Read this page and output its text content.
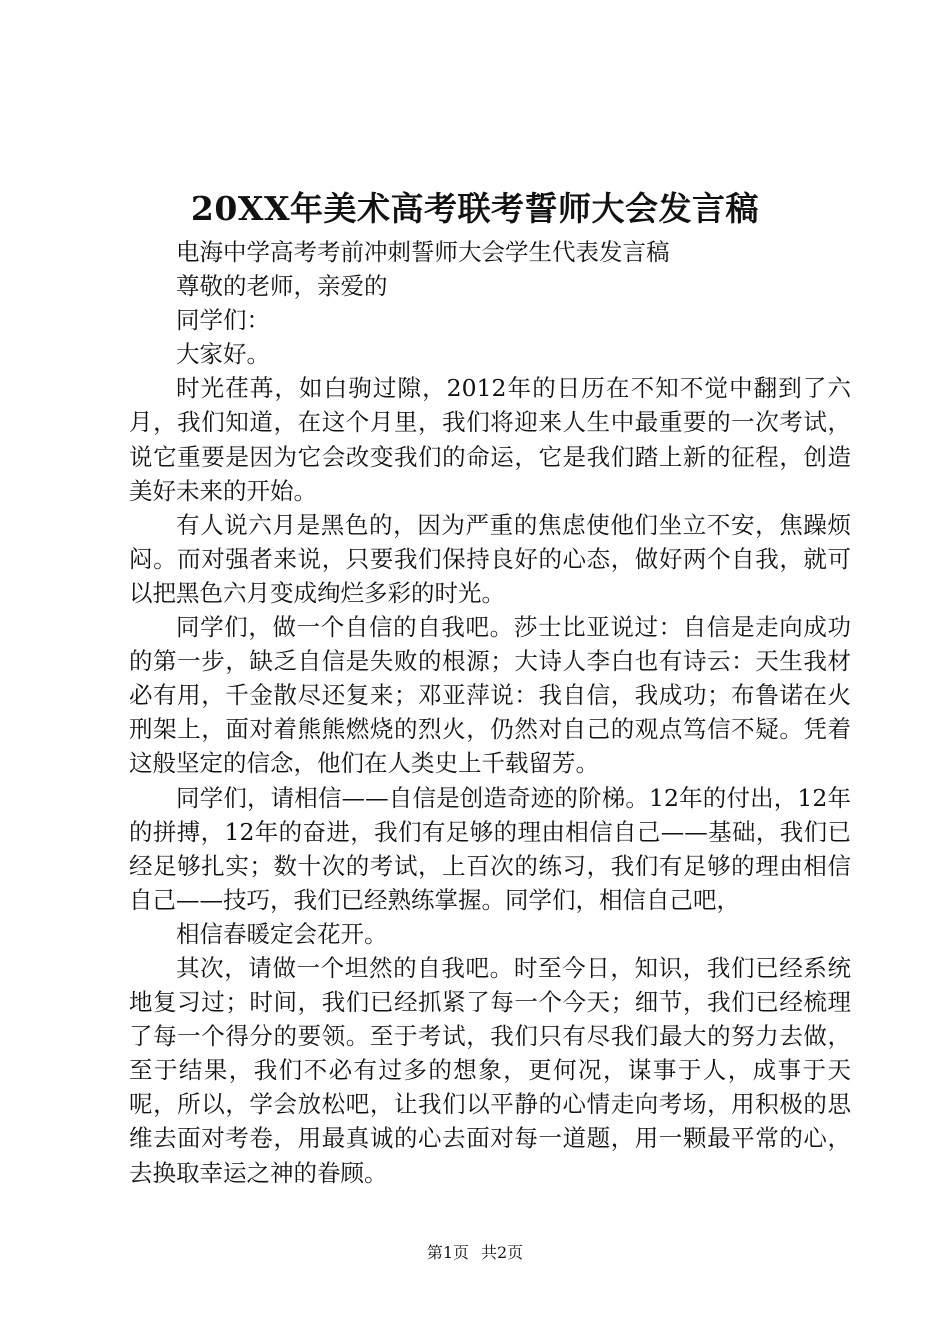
20XX年美术高考联考誓师大会发言稿

电海中学高考考前冲刺誓师大会学生代表发言稿

尊敬的老师，亲爱的

同学们：

大家好。

时光荏苒，如白驹过隙，2012年的日历在不知不觉中翻到了六月，我们知道，在这个月里，我们将迎来人生中最重要的一次考试，说它重要是因为它会改变我们的命运，它是我们踏上新的征程，创造美好未来的开始。

有人说六月是黑色的，因为严重的焦虑使他们坐立不安，焦躁烦闷。而对强者来说，只要我们保持良好的心态，做好两个自我，就可以把黑色六月变成绚烂多彩的时光。

同学们，做一个自信的自我吧。莎士比亚说过：自信是走向成功的第一步，缺乏自信是失败的根源；大诗人李白也有诗云：天生我材必有用，千金散尽还复来；邓亚萍说：我自信，我成功；布鲁诺在火刑架上，面对着熊熊燃烧的烈火，仍然对自己的观点笃信不疑。凭着这般坚定的信念，他们在人类史上千载留芳。

同学们，请相信——自信是创造奇迹的阶梯。12年的付出，12年的拼搏，12年的奋进，我们有足够的理由相信自己——基础，我们已经足够扎实；数十次的考试，上百次的练习，我们有足够的理由相信自己——技巧，我们已经熟练掌握。同学们，相信自己吧，

相信春暖定会花开。

其次，请做一个坦然的自我吧。时至今日，知识，我们已经系统地复习过；时间，我们已经抓紧了每一个今天；细节，我们已经梳理了每一个得分的要领。至于考试，我们只有尽我们最大的努力去做，至于结果，我们不必有过多的想象，更何况，谋事于人，成事于天呢，所以，学会放松吧，让我们以平静的心情走向考场，用积极的思维去面对考卷，用最真诚的心去面对每一道题，用一颗最平常的心，去换取幸运之神的眷顾。

第1页 共2页
